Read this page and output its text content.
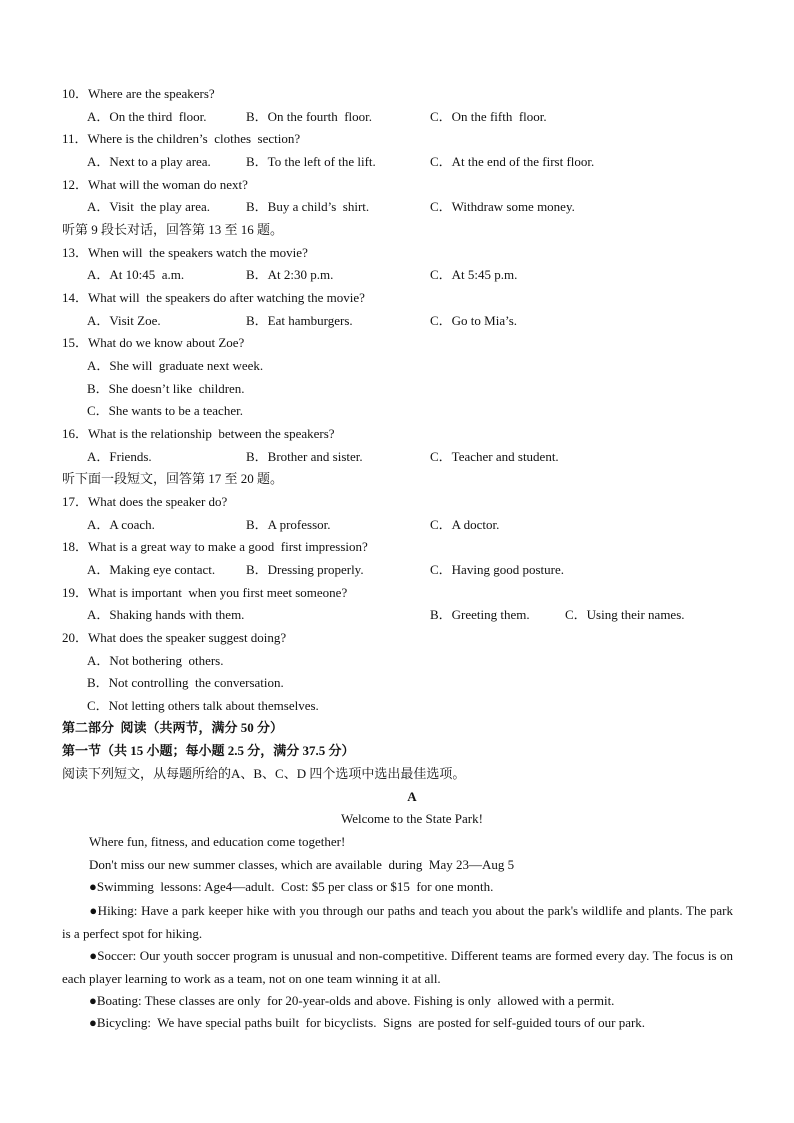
10．Where are the speakers?
A．On the third  floor.	B．On the fourth  floor.	C．On the fifth  floor.
11．Where is the children’s  clothes  section?
A．Next to a play area.	B．To the left of the lift.	C．At the end of the first floor.
12．What will the woman do next?
A．Visit  the play area.	B．Buy a child’s  shirt.	C．Withdraw some money.
听第 9 段长对话，回答第 13 至 16 题。
13．When will  the speakers watch the movie?
A．At 10:45  a.m.	B．At 2:30 p.m.	C．At 5:45 p.m.
14．What will  the speakers do after watching the movie?
A．Visit Zoe.	B．Eat hamburgers.	C．Go to Mia’s.
15．What do we know about Zoe?
A．She will  graduate next week.
B．She doesn’t like  children.
C．She wants to be a teacher.
16．What is the relationship  between the speakers?
A．Friends.	B．Brother and sister.	C．Teacher and student.
听下面一段短文，回答第 17 至 20 题。
17．What does the speaker do?
A．A coach.	B．A professor.	C．A doctor.
18．What is a great way to make a good  first impression?
A．Making eye contact. B．Dressing properly.	C．Having good posture.
19．What is important  when you first meet someone?
A．Shaking hands with them.	B．Greeting them.	C．Using their names.
20．What does the speaker suggest doing?
A．Not bothering  others.
B．Not controlling  the conversation.
C．Not letting others talk about themselves.
第二部分  阅读（共两节，满分 50 分）
第一节（共 15 小题；每小题 2.5 分，满分 37.5 分）
阅读下列短文，从每题所给的A、B、C、D 四个选项中选出最佳选项。
A
Welcome to the State Park!
Where fun, fitness, and education come together!
Don't miss our new summer classes, which are available  during  May 23—Aug 5
●Swimming  lessons: Age4—adult.  Cost: $5 per class or $15  for one month.
●Hiking: Have a park keeper hike with you through our paths and teach you about the park's wildlife and plants. The park is a perfect spot for hiking.
●Soccer: Our youth soccer program is unusual and non-competitive. Different teams are formed every day. The focus is on each player learning to work as a team, not on one team winning it at all.
●Boating: These classes are only  for 20-year-olds and above. Fishing is only  allowed with a permit.
●Bicycling:  We have special paths built  for bicyclists.  Signs  are posted for self-guided tours of our park.
